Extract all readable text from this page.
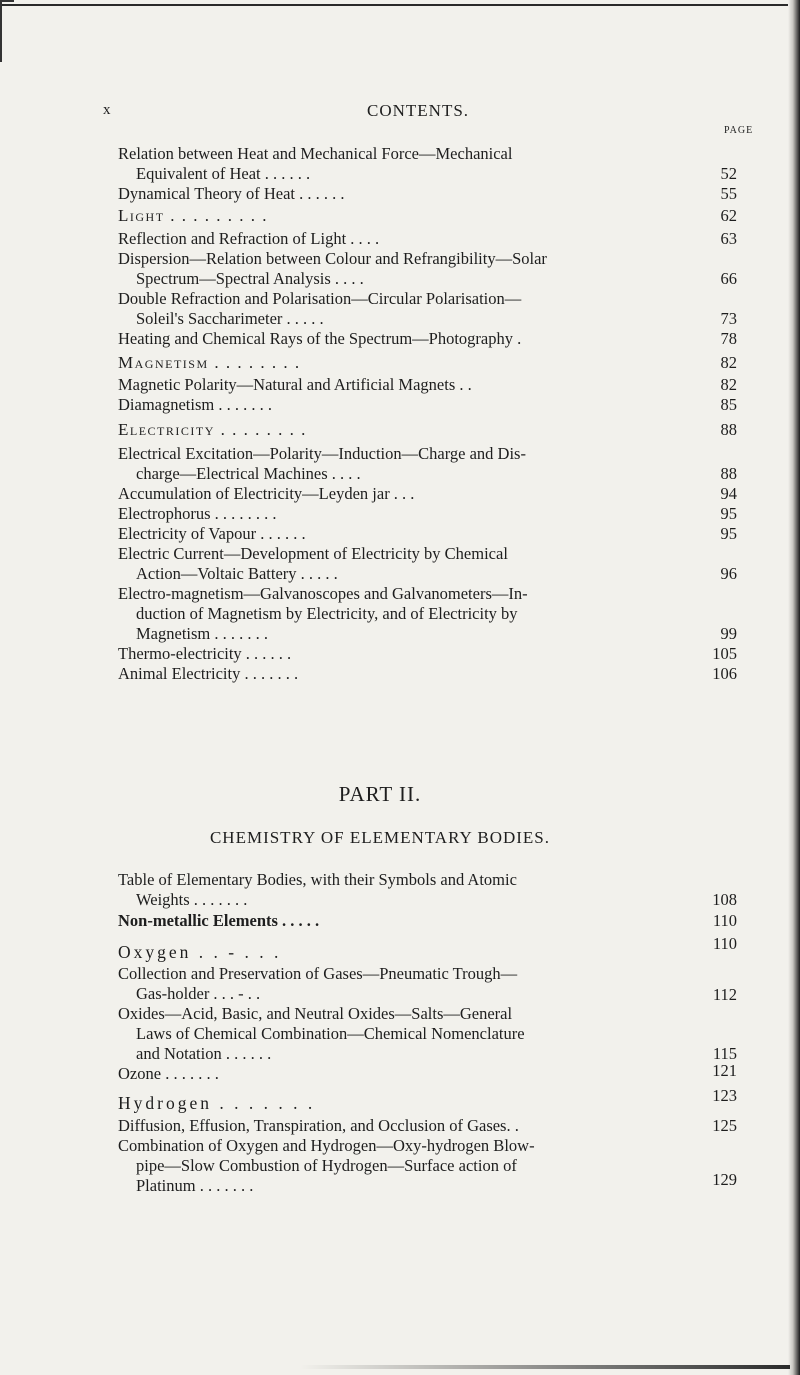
x	CONTENTS.
PAGE
Relation between Heat and Mechanical Force—Mechanical
Equivalent of Heat . . . . . .	52
Dynamical Theory of Heat . . . . . .	55
Light . . . . . . . . .	62
Reflection and Refraction of Light . . . .	63
Dispersion—Relation between Colour and Refrangibility—Solar
Spectrum—Spectral Analysis . . . .	66
Double Refraction and Polarisation—Circular Polarisation—
Soleil's Saccharimeter . . . . .	73
Heating and Chemical Rays of the Spectrum—Photography .	78
Magnetism . . . . . . . .	82
Magnetic Polarity—Natural and Artificial Magnets . .	82
Diamagnetism . . . . . . .	85
Electricity . . . . . . . .	88
Electrical Excitation—Polarity—Induction—Charge and Dis-
charge—Electrical Machines . . . .	88
Accumulation of Electricity—Leyden jar . . .	94
Electrophorus . . . . . . . .	95
Electricity of Vapour . . . . . .	95
Electric Current—Development of Electricity by Chemical
Action—Voltaic Battery . . . . .	96
Electro-magnetism—Galvanoscopes and Galvanometers—In-
duction of Magnetism by Electricity, and of Electricity by
Magnetism . . . . . . .	99
Thermo-electricity . . . . . .	105
Animal Electricity . . . . . . .	106
PART II.
CHEMISTRY OF ELEMENTARY BODIES.
Table of Elementary Bodies, with their Symbols and Atomic
Weights . . . . . . .	108
Non-metallic Elements . . . . .	110
Oxygen . . - . . .	110
Collection and Preservation of Gases—Pneumatic Trough—
Gas-holder . . . - . .	112
Oxides—Acid, Basic, and Neutral Oxides—Salts—General
Laws of Chemical Combination—Chemical Nomenclature
and Notation . . . . . .	115
Ozone . . . . . . .	121
Hydrogen . . . . . . .	123
Diffusion, Effusion, Transpiration, and Occlusion of Gases. .	125
Combination of Oxygen and Hydrogen—Oxy-hydrogen Blow-
pipe—Slow Combustion of Hydrogen—Surface action of
Platinum . . . . . . .	129
